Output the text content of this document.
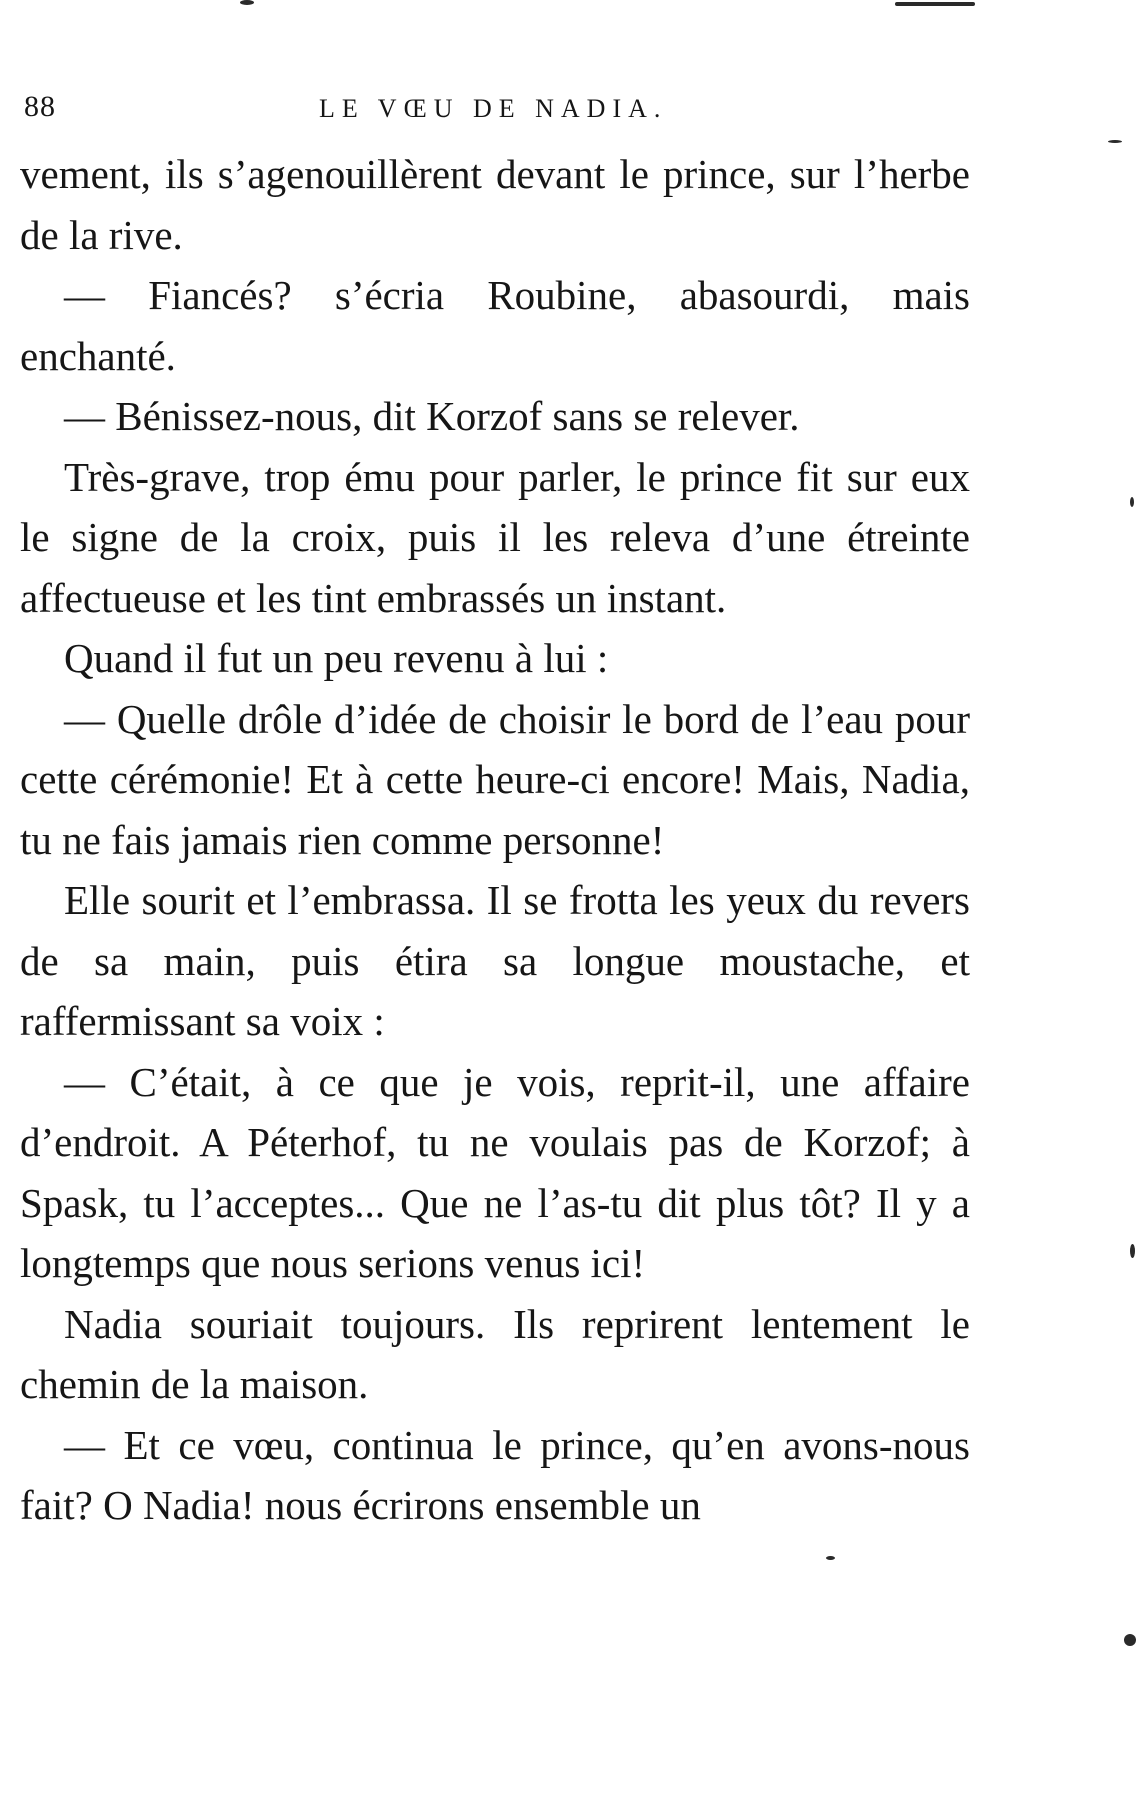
88	LE VŒU DE NADIA.

vement, ils s’agenouillèrent devant le prince, sur l’herbe de la rive.

— Fiancés? s’écria Roubine, abasourdi, mais enchanté.

— Bénissez-nous, dit Korzof sans se relever.

Très-grave, trop ému pour parler, le prince fit sur eux le signe de la croix, puis il les releva d’une étreinte affectueuse et les tint embrassés un instant.

Quand il fut un peu revenu à lui :

— Quelle drôle d’idée de choisir le bord de l’eau pour cette cérémonie! Et à cette heure-ci encore! Mais, Nadia, tu ne fais jamais rien comme personne!

Elle sourit et l’embrassa. Il se frotta les yeux du revers de sa main, puis étira sa longue moustache, et raffermissant sa voix :

— C’était, à ce que je vois, reprit-il, une affaire d’endroit. A Péterhof, tu ne voulais pas de Korzof; à Spask, tu l’acceptes... Que ne l’as-tu dit plus tôt? Il y a longtemps que nous serions venus ici!

Nadia souriait toujours. Ils reprirent lentement le chemin de la maison.

— Et ce vœu, continua le prince, qu’en avons-nous fait? O Nadia! nous écrirons ensemble un
